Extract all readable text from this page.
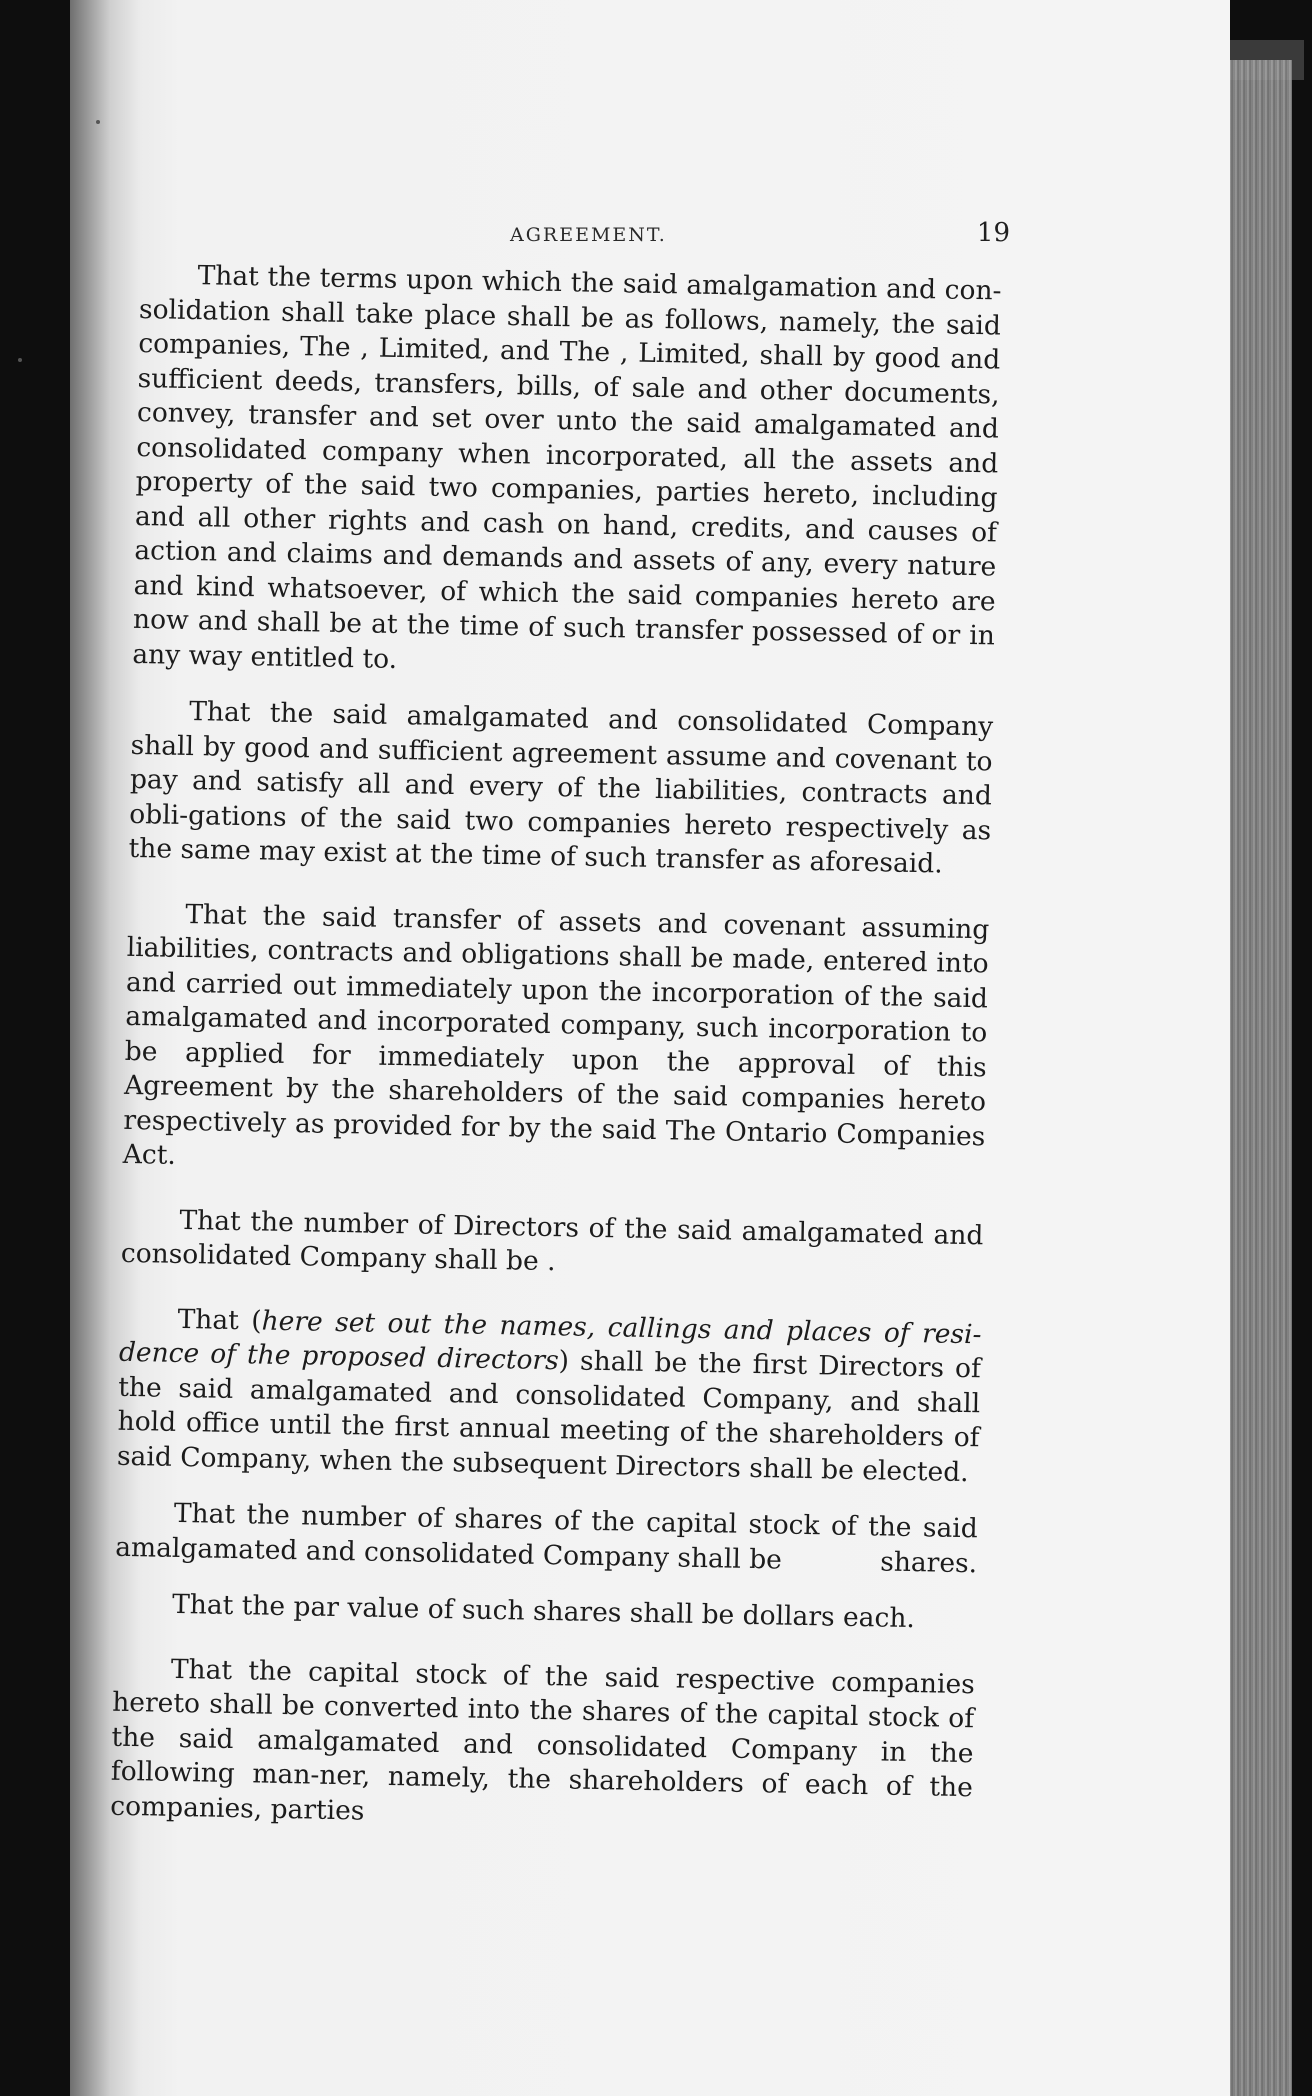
AGREEMENT.	19

That the terms upon which the said amalgamation and con-solidation shall take place shall be as follows, namely, the said companies, The , Limited, and The , Limited, shall by good and sufficient deeds, transfers, bills, of sale and other documents, convey, transfer and set over unto the said amalgamated and consolidated company when incorporated, all the assets and property of the said two companies, parties hereto, including and all other rights and cash on hand, credits, and causes of action and claims and demands and assets of any, every nature and kind whatsoever, of which the said companies hereto are now and shall be at the time of such transfer possessed of or in any way entitled to.

That the said amalgamated and consolidated Company shall by good and sufficient agreement assume and covenant to pay and satisfy all and every of the liabilities, contracts and obli-gations of the said two companies hereto respectively as the same may exist at the time of such transfer as aforesaid.

That the said transfer of assets and covenant assuming liabilities, contracts and obligations shall be made, entered into and carried out immediately upon the incorporation of the said amalgamated and incorporated company, such incorporation to be applied for immediately upon the approval of this Agreement by the shareholders of the said companies hereto respectively as provided for by the said The Ontario Companies Act.

That the number of Directors of the said amalgamated and consolidated Company shall be .

That (here set out the names, callings and places of resi-dence of the proposed directors) shall be the first Directors of the said amalgamated and consolidated Company, and shall hold office until the first annual meeting of the shareholders of said Company, when the subsequent Directors shall be elected.

That the number of shares of the capital stock of the said amalgamated and consolidated Company shall be	shares.

That the par value of such shares shall be dollars each.

That the capital stock of the said respective companies hereto shall be converted into the shares of the capital stock of the said amalgamated and consolidated Company in the following man-ner, namely, the shareholders of each of the companies, parties
